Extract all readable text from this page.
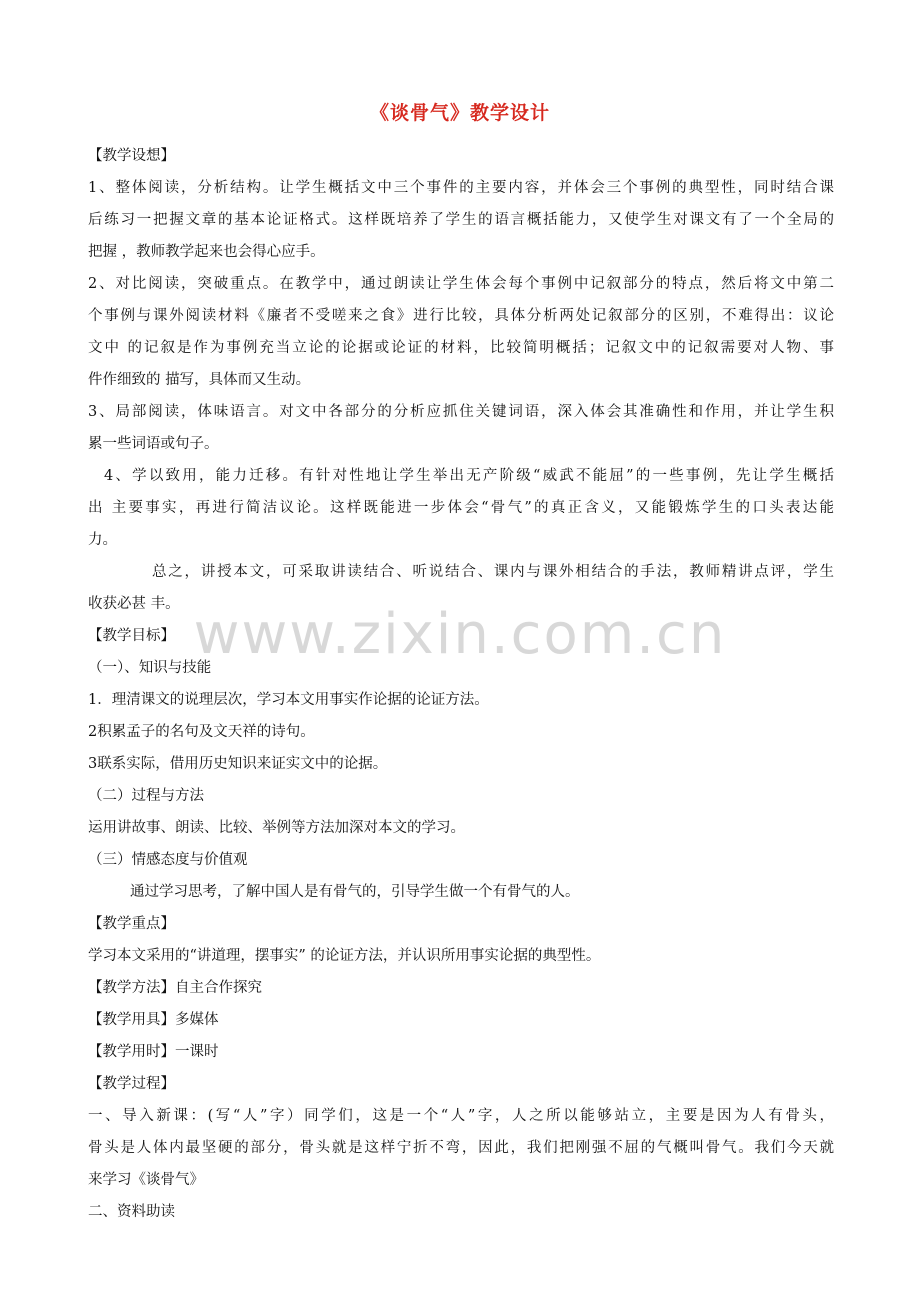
《谈骨气》教学设计
【教学设想】
1、整体阅读，分析结构。让学生概括文中三个事件的主要内容，并体会三个事例的典型性，同时结合课
后练习一把握文章的基本论证格式。这样既培养了学生的语言概括能力，又使学生对课文有了一个全局的
把握 ，教师教学起来也会得心应手。
2、对比阅读，突破重点。在教学中，通过朗读让学生体会每个事例中记叙部分的特点，然后将文中第二
个事例与课外阅读材料《廉者不受嗟来之食》进行比较，具体分析两处记叙部分的区别，不难得出：议论
文中 的记叙是作为事例充当立论的论据或论证的材料，比较简明概括；记叙文中的记叙需要对人物、事
件作细致的 描写，具体而又生动。
3、局部阅读，体味语言。对文中各部分的分析应抓住关键词语，深入体会其准确性和作用，并让学生积
累一些词语或句子。
4、学以致用，能力迁移。有针对性地让学生举出无产阶级“威武不能屈”的一些事例，先让学生概括
出 主要事实，再进行简洁议论。这样既能进一步体会“骨气”的真正含义，又能锻炼学生的口头表达能
力。
总之，讲授本文，可采取讲读结合、听说结合、课内与课外相结合的手法，教师精讲点评，学生
收获必甚 丰。
【教学目标】
（一）、知识与技能
1．理清课文的说理层次，学习本文用事实作论据的论证方法。
2积累孟子的名句及文天祥的诗句。
3联系实际，借用历史知识来证实文中的论据。
（二）过程与方法
运用讲故事、朗读、比较、举例等方法加深对本文的学习。
（三）情感态度与价值观
通过学习思考，了解中国人是有骨气的，引导学生做一个有骨气的人。
【教学重点】
学习本文采用的“讲道理，摆事实” 的论证方法，并认识所用事实论据的典型性。
【教学方法】自主合作探究
【教学用具】多媒体
【教学用时】一课时
【教学过程】
一、导入新课：(写“人”字）同学们，这是一个“人”字，人之所以能够站立，主要是因为人有骨头，
骨头是人体内最坚硬的部分，骨头就是这样宁折不弯，因此，我们把刚强不屈的气概叫骨气。我们今天就
来学习《谈骨气》
二、资料助读
www.zixin.com.cn
